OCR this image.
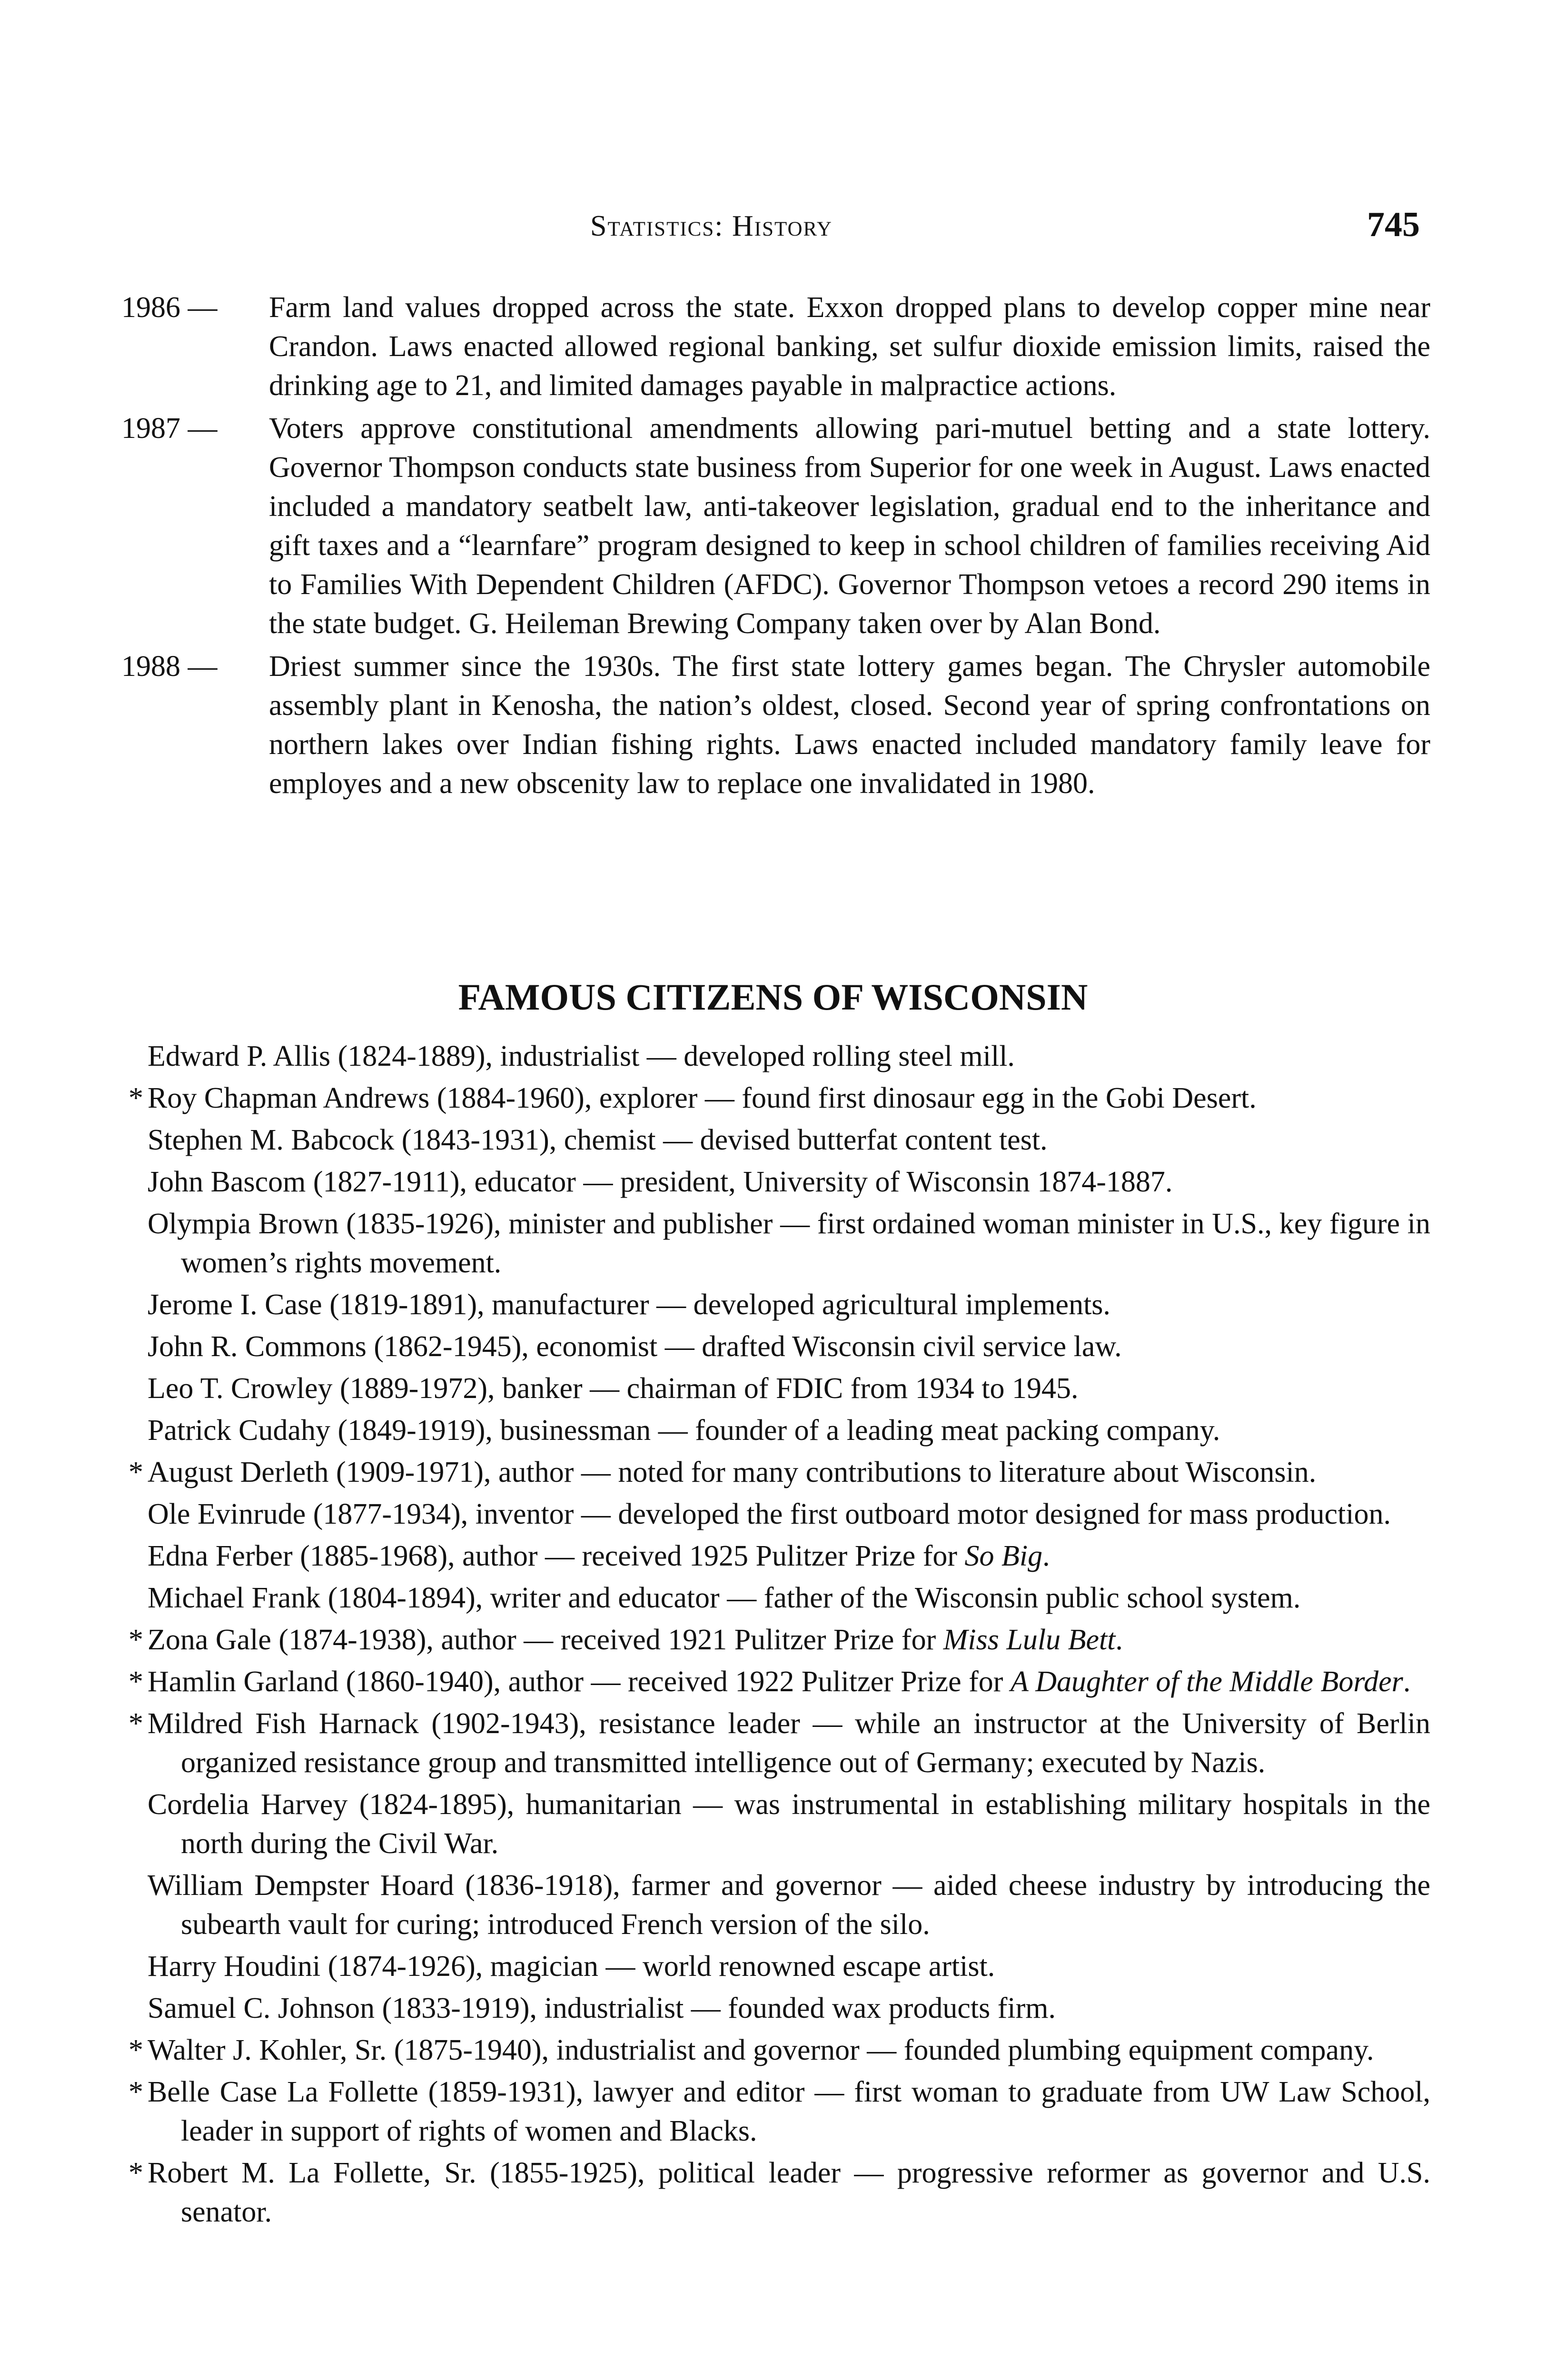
Statistics: History	745
1986 — Farm land values dropped across the state. Exxon dropped plans to develop copper mine near Crandon. Laws enacted allowed regional banking, set sulfur dioxide emission limits, raised the drinking age to 21, and limited damages payable in malpractice actions.
1987 — Voters approve constitutional amendments allowing pari-mutuel betting and a state lottery. Governor Thompson conducts state business from Superior for one week in August. Laws enacted included a mandatory seatbelt law, anti-takeover legislation, gradual end to the inheritance and gift taxes and a “learnfare” program designed to keep in school children of families receiving Aid to Families With Dependent Children (AFDC). Governor Thompson vetoes a record 290 items in the state budget. G. Heileman Brewing Company taken over by Alan Bond.
1988 — Driest summer since the 1930s. The first state lottery games began. The Chrysler automobile assembly plant in Kenosha, the nation’s oldest, closed. Second year of spring confrontations on northern lakes over Indian fishing rights. Laws enacted included mandatory family leave for employes and a new obscenity law to replace one invalidated in 1980.
FAMOUS CITIZENS OF WISCONSIN
Edward P. Allis (1824-1889), industrialist — developed rolling steel mill.
* Roy Chapman Andrews (1884-1960), explorer — found first dinosaur egg in the Gobi Desert.
Stephen M. Babcock (1843-1931), chemist — devised butterfat content test.
John Bascom (1827-1911), educator — president, University of Wisconsin 1874-1887.
Olympia Brown (1835-1926), minister and publisher — first ordained woman minister in U.S., key figure in women’s rights movement.
Jerome I. Case (1819-1891), manufacturer — developed agricultural implements.
John R. Commons (1862-1945), economist — drafted Wisconsin civil service law.
Leo T. Crowley (1889-1972), banker — chairman of FDIC from 1934 to 1945.
Patrick Cudahy (1849-1919), businessman — founder of a leading meat packing company.
* August Derleth (1909-1971), author — noted for many contributions to literature about Wisconsin.
Ole Evinrude (1877-1934), inventor — developed the first outboard motor designed for mass production.
Edna Ferber (1885-1968), author — received 1925 Pulitzer Prize for So Big.
Michael Frank (1804-1894), writer and educator — father of the Wisconsin public school system.
* Zona Gale (1874-1938), author — received 1921 Pulitzer Prize for Miss Lulu Bett.
* Hamlin Garland (1860-1940), author — received 1922 Pulitzer Prize for A Daughter of the Middle Border.
* Mildred Fish Harnack (1902-1943), resistance leader — while an instructor at the University of Berlin organized resistance group and transmitted intelligence out of Germany; executed by Nazis.
Cordelia Harvey (1824-1895), humanitarian — was instrumental in establishing military hospitals in the north during the Civil War.
William Dempster Hoard (1836-1918), farmer and governor — aided cheese industry by introducing the subearth vault for curing; introduced French version of the silo.
Harry Houdini (1874-1926), magician — world renowned escape artist.
Samuel C. Johnson (1833-1919), industrialist — founded wax products firm.
* Walter J. Kohler, Sr. (1875-1940), industrialist and governor — founded plumbing equipment company.
* Belle Case La Follette (1859-1931), lawyer and editor — first woman to graduate from UW Law School, leader in support of rights of women and Blacks.
* Robert M. La Follette, Sr. (1855-1925), political leader — progressive reformer as governor and U.S. senator.
